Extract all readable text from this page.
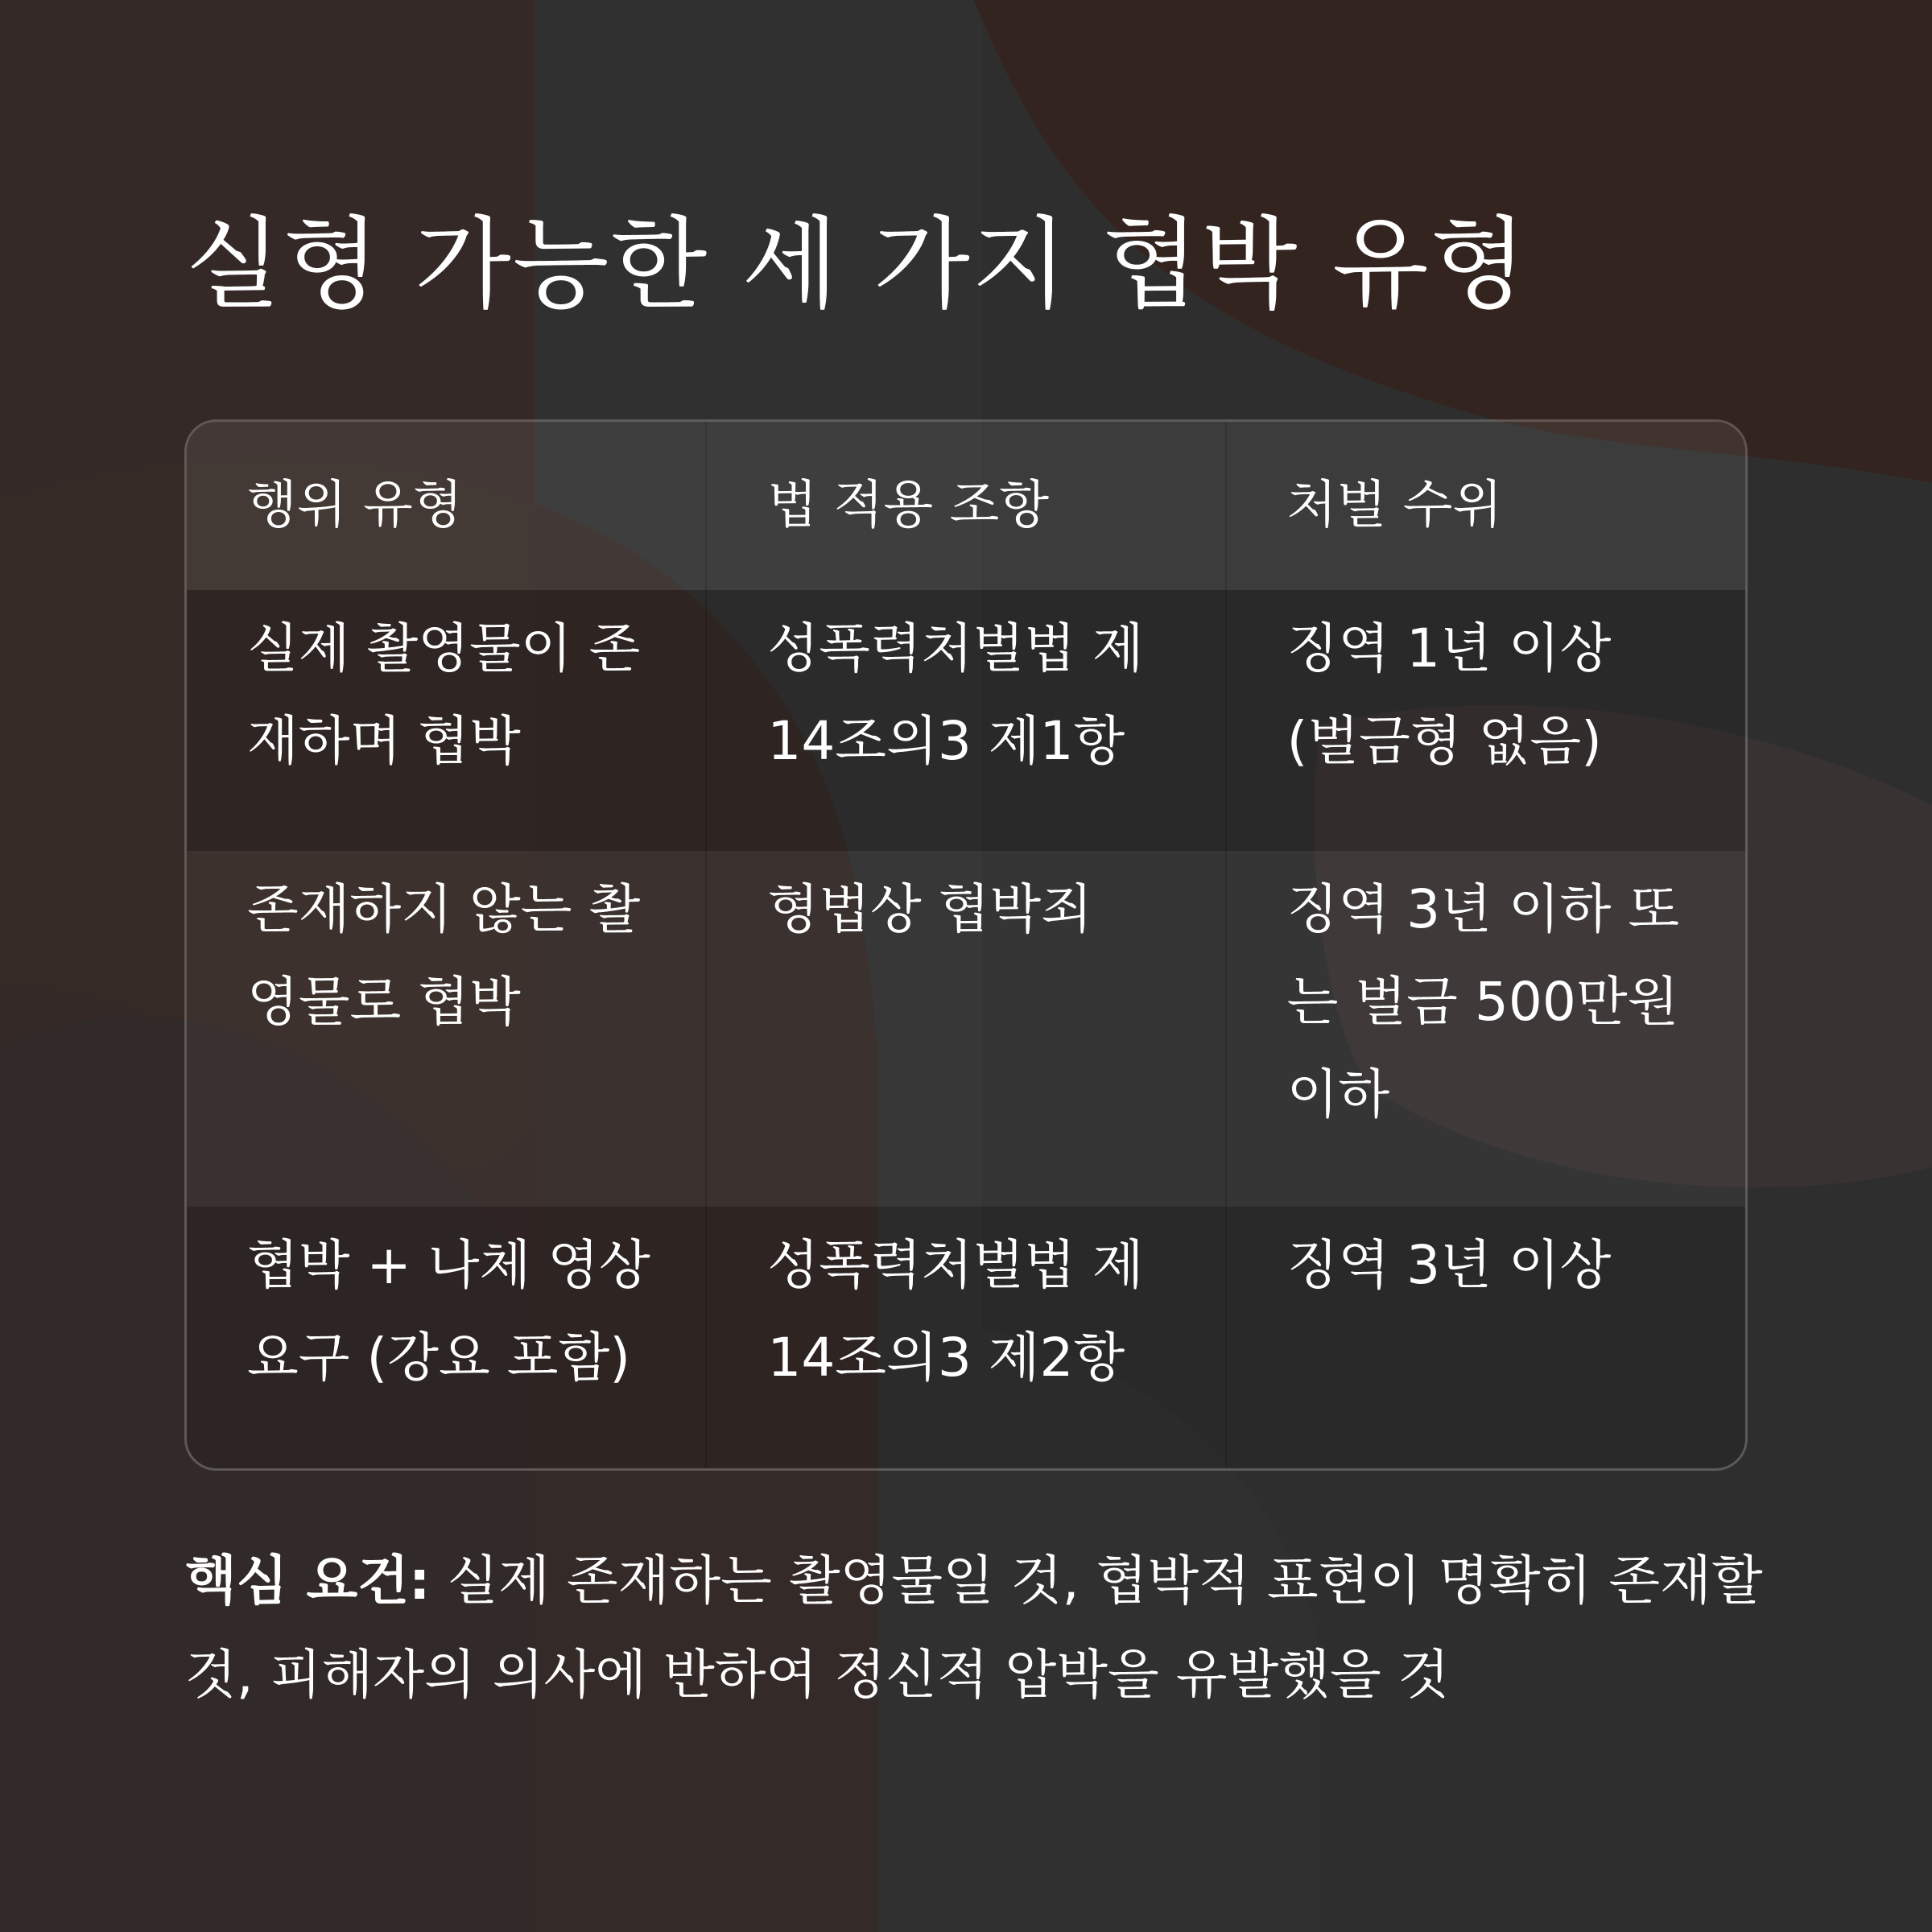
실형 가능한 세 가지 협박 유형
행위 유형	법 적용 조항	처벌 수위
실제 촬영물이 존재하며 협박	성폭력처벌법 제14조의3 제1항	징역 1년 이상 (벌금형 없음)
존재하지 않는 촬영물로 협박	형법상 협박죄	징역 3년 이하 또는 벌금 500만원 이하
협박 + 나체 영상 요구 (강요 포함)	성폭력처벌법 제14조의3 제2항	징역 3년 이상

핵심 요건: 실제 존재하는 촬영물일 것, 협박적 표현이 명확히 존재할 것, 피해자의 의사에 반하여 정신적 압박을 유발했을 것
